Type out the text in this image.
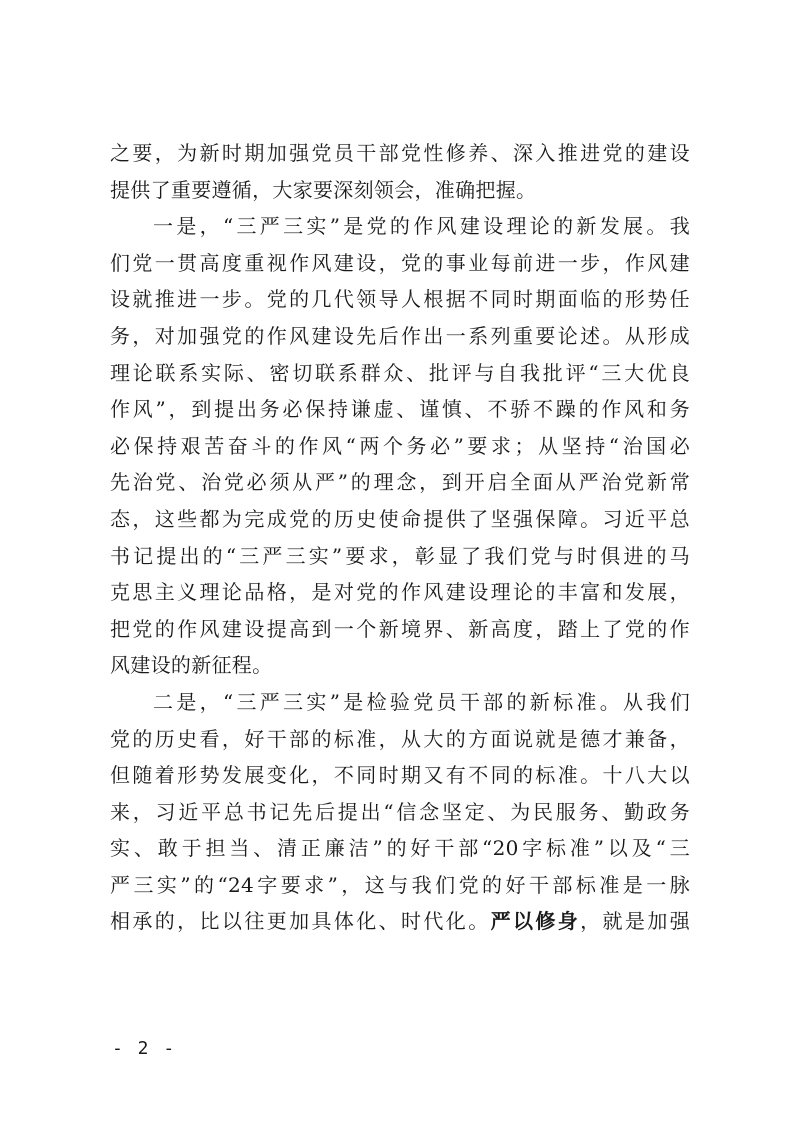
之要，为新时期加强党员干部党性修养、深入推进党的建设
提供了重要遵循，大家要深刻领会，准确把握。
一是，“三严三实”是党的作风建设理论的新发展。我
们党一贯高度重视作风建设，党的事业每前进一步，作风建
设就推进一步。党的几代领导人根据不同时期面临的形势任
务，对加强党的作风建设先后作出一系列重要论述。从形成
理论联系实际、密切联系群众、批评与自我批评“三大优良
作风”，到提出务必保持谦虚、谨慎、不骄不躁的作风和务
必保持艰苦奋斗的作风“两个务必”要求；从坚持“治国必
先治党、治党必须从严”的理念，到开启全面从严治党新常
态，这些都为完成党的历史使命提供了坚强保障。习近平总
书记提出的“三严三实”要求，彰显了我们党与时俱进的马
克思主义理论品格，是对党的作风建设理论的丰富和发展，
把党的作风建设提高到一个新境界、新高度，踏上了党的作
风建设的新征程。
二是，“三严三实”是检验党员干部的新标准。从我们
党的历史看，好干部的标准，从大的方面说就是德才兼备，
但随着形势发展变化，不同时期又有不同的标准。十八大以
来，习近平总书记先后提出“信念坚定、为民服务、勤政务
实、敢于担当、清正廉洁”的好干部“20字标准”以及“三
严三实”的“24字要求”，这与我们党的好干部标准是一脉
相承的，比以往更加具体化、时代化。严以修身，就是加强
- 2 -
